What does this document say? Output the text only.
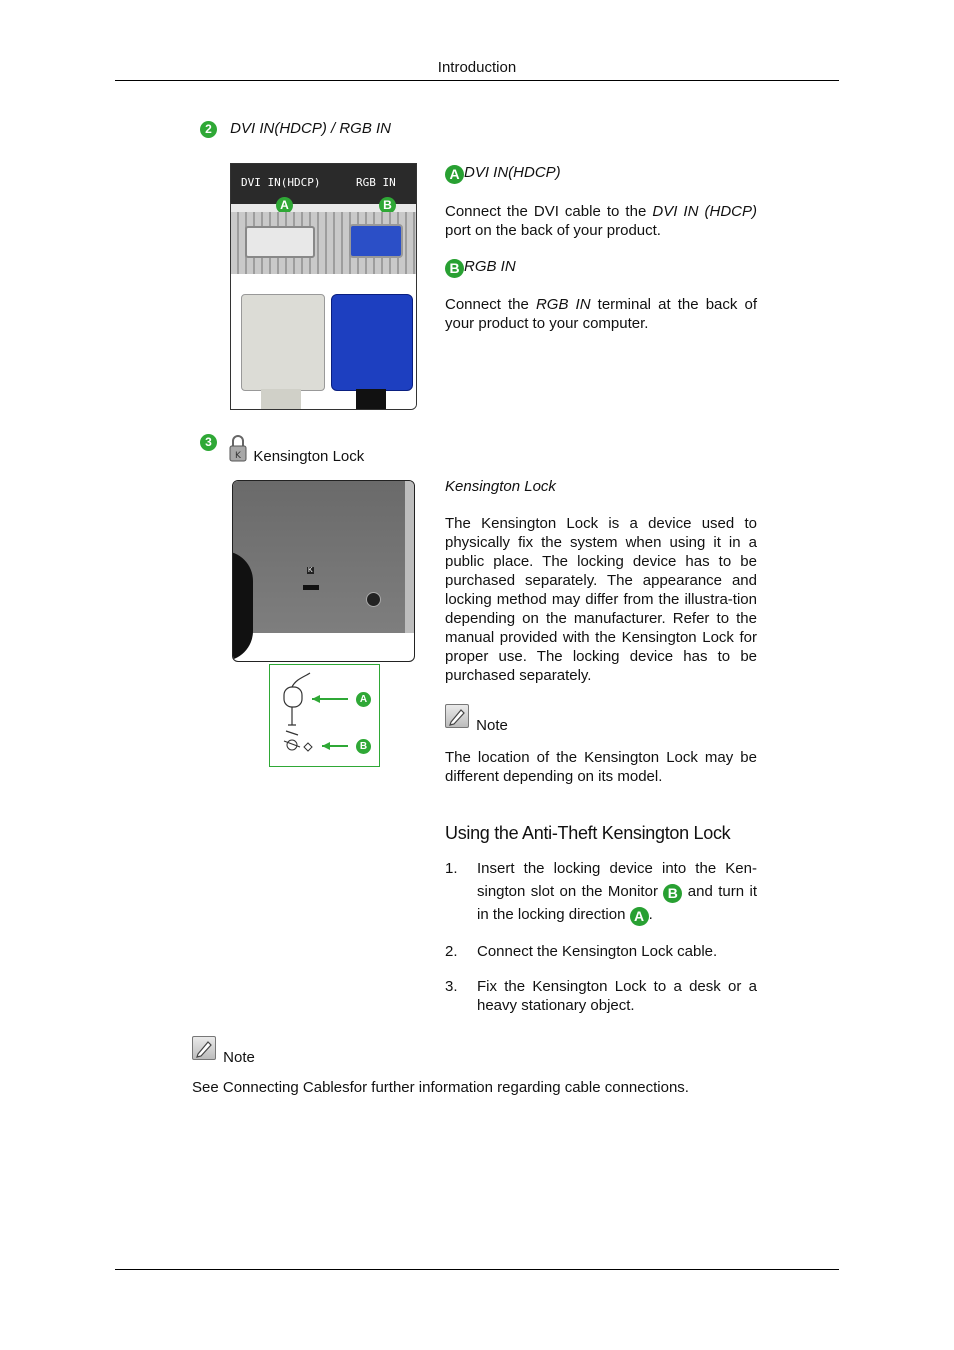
Introduction
2 DVI IN(HDCP) / RGB IN
DVI IN(HDCP)	RGB IN
A	B
A DVI IN(HDCP)
Connect the DVI cable to the DVI IN (HDCP) port on the back of your product.
B RGB IN
Connect the RGB IN terminal at the back of your product to your computer.
3
K Kensington Lock
K
A
B
Kensington Lock
The Kensington Lock is a device used to physically fix the system when using it in a public place. The locking device has to be purchased separately. The appearance and locking method may differ from the illustra-tion depending on the manufacturer. Refer to the manual provided with the Kensington Lock for proper use. The locking device has to be purchased separately.
Note
The location of the Kensington Lock may be different depending on its model.
Using the Anti-Theft Kensington Lock
1. Insert the locking device into the Ken-sington slot on the Monitor B and turn it in the locking direction A .
2. Connect the Kensington Lock cable.
3. Fix the Kensington Lock to a desk or a heavy stationary object.
Note
See Connecting Cablesfor further information regarding cable connections.
